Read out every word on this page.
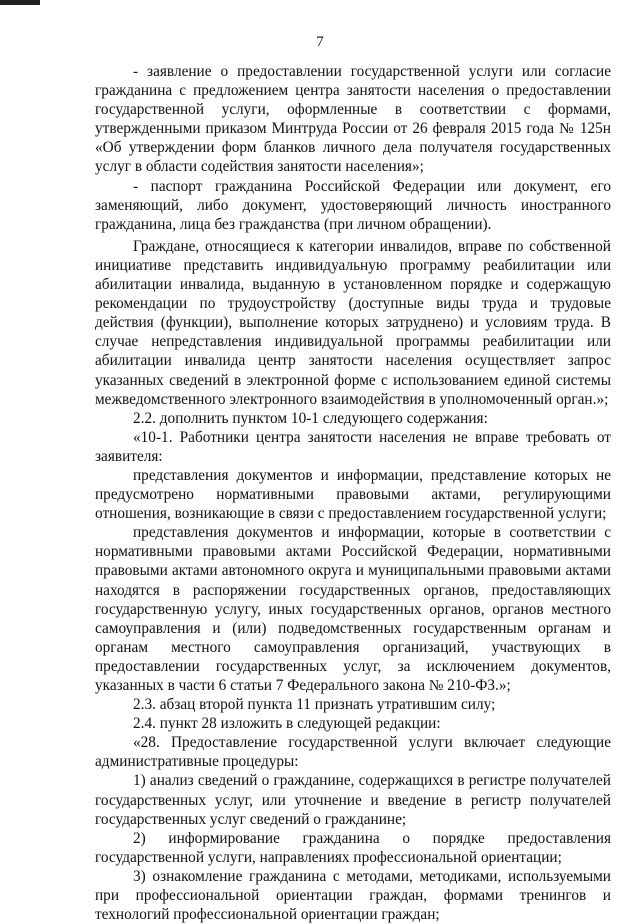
7

- заявление о предоставлении государственной услуги или согласие гражданина с предложением центра занятости населения о предоставлении государственной услуги, оформленные в соответствии с формами, утвержденными приказом Минтруда России от 26 февраля 2015 года № 125н «Об утверждении форм бланков личного дела получателя государственных услуг в области содействия занятости населения»;

- паспорт гражданина Российской Федерации или документ, его заменяющий, либо документ, удостоверяющий личность иностранного гражданина, лица без гражданства (при личном обращении).

Граждане, относящиеся к категории инвалидов, вправе по собственной инициативе представить индивидуальную программу реабилитации или абилитации инвалида, выданную в установленном порядке и содержащую рекомендации по трудоустройству (доступные виды труда и трудовые действия (функции), выполнение которых затруднено) и условиям труда. В случае непредставления индивидуальной программы реабилитации или абилитации инвалида центр занятости населения осуществляет запрос указанных сведений в электронной форме с использованием единой системы межведомственного электронного взаимодействия в уполномоченный орган.»;

2.2. дополнить пунктом 10-1 следующего содержания:

«10-1. Работники центра занятости населения не вправе требовать от заявителя:

представления документов и информации, представление которых не предусмотрено нормативными правовыми актами, регулирующими отношения, возникающие в связи с предоставлением государственной услуги;

представления документов и информации, которые в соответствии с нормативными правовыми актами Российской Федерации, нормативными правовыми актами автономного округа и муниципальными правовыми актами находятся в распоряжении государственных органов, предоставляющих государственную услугу, иных государственных органов, органов местного самоуправления и (или) подведомственных государственным органам и органам местного самоуправления организаций, участвующих в предоставлении государственных услуг, за исключением документов, указанных в части 6 статьи 7 Федерального закона № 210-ФЗ.»;

2.3. абзац второй пункта 11 признать утратившим силу;

2.4. пункт 28 изложить в следующей редакции:

«28. Предоставление государственной услуги включает следующие административные процедуры:

1) анализ сведений о гражданине, содержащихся в регистре получателей государственных услуг, или уточнение и введение в регистр получателей государственных услуг сведений о гражданине;

2) информирование гражданина о порядке предоставления государственной услуги, направлениях профессиональной ориентации;

3) ознакомление гражданина с методами, методиками, используемыми при профессиональной ориентации граждан, формами тренингов и технологий профессиональной ориентации граждан;
